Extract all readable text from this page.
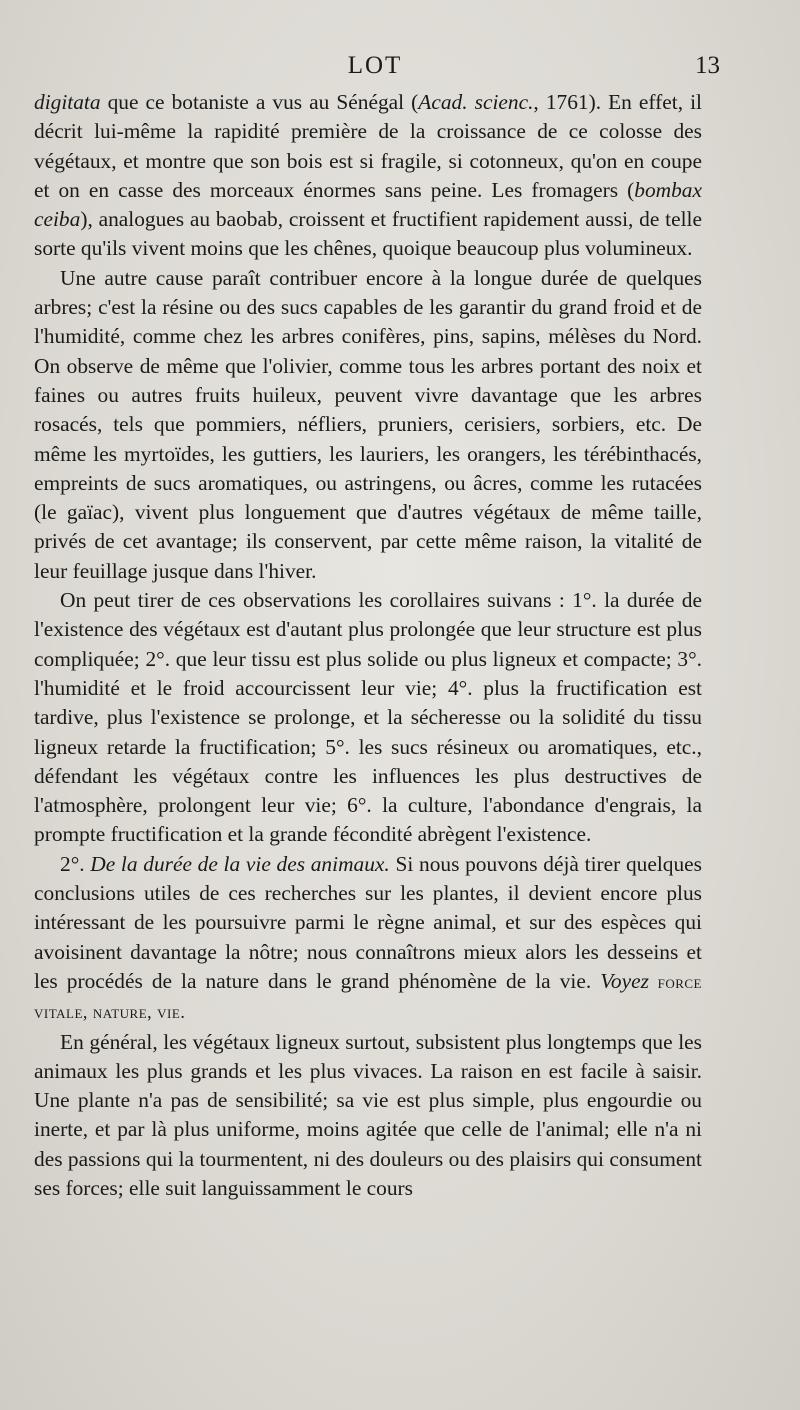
LOT	13

digitata que ce botaniste a vus au Sénégal (Acad. scienc., 1761). En effet, il décrit lui-même la rapidité première de la croissance de ce colosse des végétaux, et montre que son bois est si fragile, si cotonneux, qu'on en coupe et on en casse des morceaux énormes sans peine. Les fromagers (bombax ceiba), analogues au baobab, croissent et fructifient rapidement aussi, de telle sorte qu'ils vivent moins que les chênes, quoique beaucoup plus volumineux.

Une autre cause paraît contribuer encore à la longue durée de quelques arbres; c'est la résine ou des sucs capables de les garantir du grand froid et de l'humidité, comme chez les arbres conifères, pins, sapins, mélèses du Nord. On observe de même que l'olivier, comme tous les arbres portant des noix et faines ou autres fruits huileux, peuvent vivre davantage que les arbres rosacés, tels que pommiers, néfliers, pruniers, cerisiers, sorbiers, etc. De même les myrtoïdes, les guttiers, les lauriers, les orangers, les térébinthacés, empreints de sucs aromatiques, ou astringens, ou âcres, comme les rutacées (le gaïac), vivent plus longuement que d'autres végétaux de même taille, privés de cet avantage; ils conservent, par cette même raison, la vitalité de leur feuillage jusque dans l'hiver.

On peut tirer de ces observations les corollaires suivans : 1°. la durée de l'existence des végétaux est d'autant plus prolongée que leur structure est plus compliquée; 2°. que leur tissu est plus solide ou plus ligneux et compacte; 3°. l'humidité et le froid accourcissent leur vie; 4°. plus la fructification est tardive, plus l'existence se prolonge, et la sécheresse ou la solidité du tissu ligneux retarde la fructification; 5°. les sucs résineux ou aromatiques, etc., défendant les végétaux contre les influences les plus destructives de l'atmosphère, prolongent leur vie; 6°. la culture, l'abondance d'engrais, la prompte fructification et la grande fécondité abrègent l'existence.

2°. De la durée de la vie des animaux. Si nous pouvons déjà tirer quelques conclusions utiles de ces recherches sur les plantes, il devient encore plus intéressant de les poursuivre parmi le règne animal, et sur des espèces qui avoisinent davantage la nôtre; nous connaîtrons mieux alors les desseins et les procédés de la nature dans le grand phénomène de la vie. Voyez force vitale, nature, vie.

En général, les végétaux ligneux surtout, subsistent plus longtemps que les animaux les plus grands et les plus vivaces. La raison en est facile à saisir. Une plante n'a pas de sensibilité; sa vie est plus simple, plus engourdie ou inerte, et par là plus uniforme, moins agitée que celle de l'animal; elle n'a ni des passions qui la tourmentent, ni des douleurs ou des plaisirs qui consument ses forces; elle suit languissamment le cours
